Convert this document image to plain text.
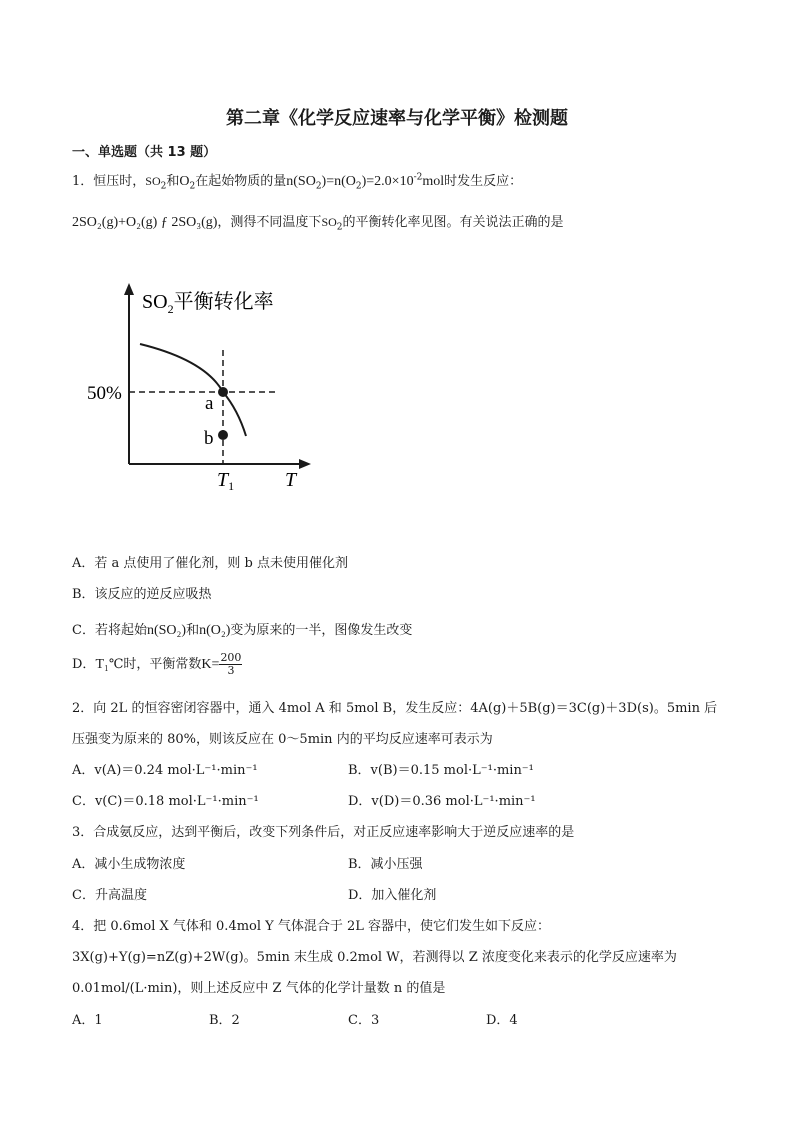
第二章《化学反应速率与化学平衡》检测题
一、单选题（共 13 题）
1．恒压时，$SO_2$和$O_2$在起始物质的量$n(SO_2)=n(O_2)=2.0\times 10^{-2}mol$时发生反应：
2SO₂(g)+O₂(g) ƒ 2SO₃(g)，测得不同温度下$SO_2$的平衡转化率见图。有关说法正确的是
$SO_2$平衡转化率
50%	a
b
$T_1$	T
A．若 a 点使用了催化剂，则 b 点未使用催化剂
B．该反应的逆反应吸热
C．若将起始n(SO₂)和n(O₂)变为原来的一半，图像发生改变
D．T₁℃时，平衡常数$K= \frac{200}{3}$
2．向 2L 的恒容密闭容器中，通入 4mol A 和 5mol B，发生反应：4A(g)＋5B(g)＝3C(g)＋3D(s)。5min 后
压强变为原来的 80%，则该反应在 0～5min 内的平均反应速率可表示为
A．v(A)＝0.24 mol·L⁻¹·min⁻¹	B．v(B)＝0.15 mol·L⁻¹·min⁻¹
C．v(C)＝0.18 mol·L⁻¹·min⁻¹	D．v(D)＝0.36 mol·L⁻¹·min⁻¹
3．合成氨反应，达到平衡后，改变下列条件后，对正反应速率影响大于逆反应速率的是
A．减小生成物浓度	B．减小压强
C．升高温度	D．加入催化剂
4．把 0.6mol X 气体和 0.4mol Y 气体混合于 2L 容器中，使它们发生如下反应：
3X(g)+Y(g)=nZ(g)+2W(g)。5min 末生成 0.2mol W，若测得以 Z 浓度变化来表示的化学反应速率为
0.01mol/(L·min)，则上述反应中 Z 气体的化学计量数 n 的值是
A．1	B．2	C．3	D．4
